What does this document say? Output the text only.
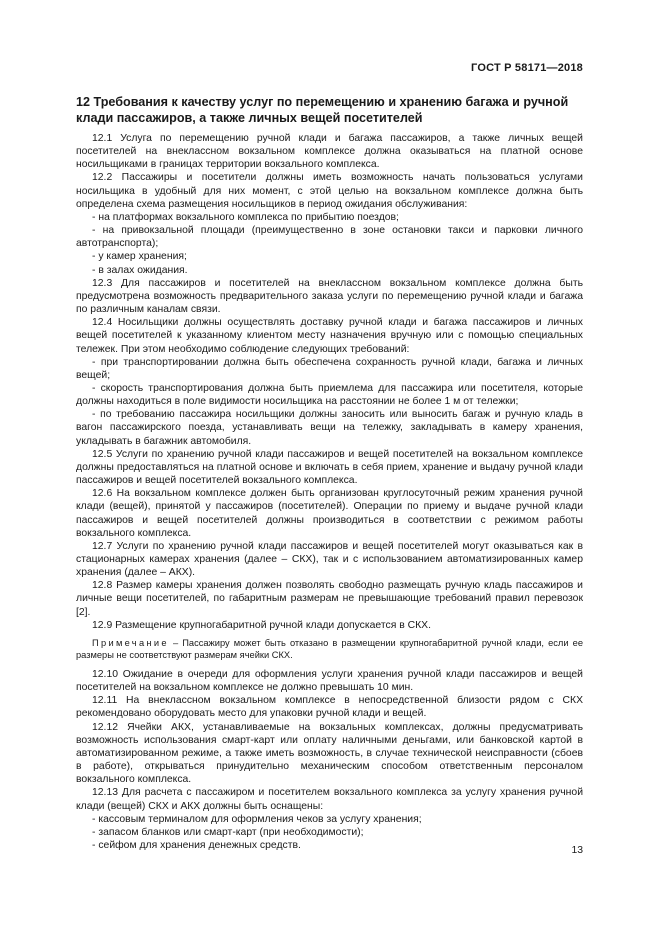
ГОСТ Р 58171—2018
12 Требования к качеству услуг по перемещению и хранению багажа и ручной клади пассажиров, а также личных вещей посетителей

12.1 Услуга по перемещению ручной клади и багажа пассажиров, а также личных вещей посетителей на внеклассном вокзальном комплексе должна оказываться на платной основе носильщиками в границах территории вокзального комплекса.

12.2 Пассажиры и посетители должны иметь возможность начать пользоваться услугами носильщика в удобный для них момент, с этой целью на вокзальном комплексе должна быть определена схема размещения носильщиков в период ожидания обслуживания:

- на платформах вокзального комплекса по прибытию поездов;

- на привокзальной площади (преимущественно в зоне остановки такси и парковки личного автотранспорта);

- у камер хранения;

- в залах ожидания.

12.3 Для пассажиров и посетителей на внеклассном вокзальном комплексе должна быть предусмотрена возможность предварительного заказа услуги по перемещению ручной клади и багажа по различным каналам связи.

12.4 Носильщики должны осуществлять доставку ручной клади и багажа пассажиров и личных вещей посетителей к указанному клиентом месту назначения вручную или с помощью специальных тележек. При этом необходимо соблюдение следующих требований:

- при транспортировании должна быть обеспечена сохранность ручной клади, багажа и личных вещей;

- скорость транспортирования должна быть приемлема для пассажира или посетителя, которые должны находиться в поле видимости носильщика на расстоянии не более 1 м от тележки;

- по требованию пассажира носильщики должны заносить или выносить багаж и ручную кладь в вагон пассажирского поезда, устанавливать вещи на тележку, закладывать в камеру хранения, укладывать в багажник автомобиля.

12.5 Услуги по хранению ручной клади пассажиров и вещей посетителей на вокзальном комплексе должны предоставляться на платной основе и включать в себя прием, хранение и выдачу ручной клади пассажиров и вещей посетителей вокзального комплекса.

12.6 На вокзальном комплексе должен быть организован круглосуточный режим хранения ручной клади (вещей), принятой у пассажиров (посетителей). Операции по приему и выдаче ручной клади пассажиров и вещей посетителей должны производиться в соответствии с режимом работы вокзального комплекса.

12.7 Услуги по хранению ручной клади пассажиров и вещей посетителей могут оказываться как в стационарных камерах хранения (далее – СКХ), так и с использованием автоматизированных камер хранения (далее – АКХ).

12.8 Размер камеры хранения должен позволять свободно размещать ручную кладь пассажиров и личные вещи посетителей, по габаритным размерам не превышающие требований правил перевозок [2].

12.9 Размещение крупногабаритной ручной клади допускается в СКХ.

Примечание – Пассажиру может быть отказано в размещении крупногабаритной ручной клади, если ее размеры не соответствуют размерам ячейки СКХ.

12.10 Ожидание в очереди для оформления услуги хранения ручной клади пассажиров и вещей посетителей на вокзальном комплексе не должно превышать 10 мин.

12.11 На внеклассном вокзальном комплексе в непосредственной близости рядом с СКХ рекомендовано оборудовать место для упаковки ручной клади и вещей.

12.12 Ячейки АКХ, устанавливаемые на вокзальных комплексах, должны предусматривать возможность использования смарт-карт или оплату наличными деньгами, или банковской картой в автоматизированном режиме, а также иметь возможность, в случае технической неисправности (сбоев в работе), открываться принудительно механическим способом ответственным персоналом вокзального комплекса.

12.13 Для расчета с пассажиром и посетителем вокзального комплекса за услугу хранения ручной клади (вещей) СКХ и АКХ должны быть оснащены:

- кассовым терминалом для оформления чеков за услугу хранения;

- запасом бланков или смарт-карт (при необходимости);

- сейфом для хранения денежных средств.	13
